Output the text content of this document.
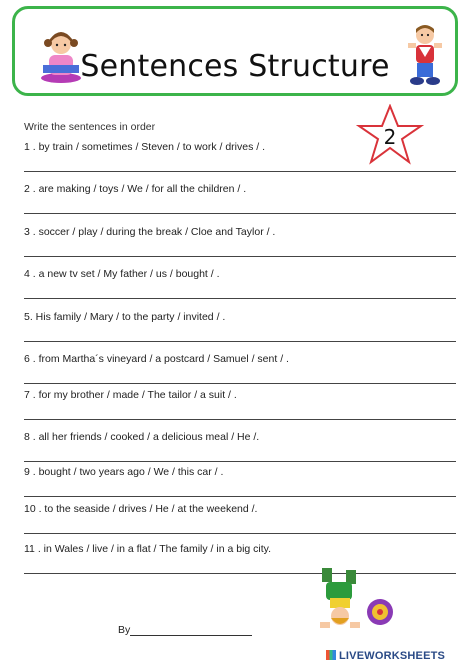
Sentences Structure
Write the sentences in order	2
1 . by train / sometimes / Steven / to work / drives / .
2 . are making / toys / We / for all the children / .
3 . soccer / play / during the break / Cloe and Taylor / .
4 . a new tv set / My father / us / bought / .
5. His family / Mary / to the party / invited / .
6 . from Martha´s vineyard / a postcard / Samuel / sent / .
7 . for my brother / made / The tailor / a suit / .
8 . all her friends / cooked / a delicious meal / He /.
9 . bought / two years ago / We / this car / .
10 . to the seaside / drives / He / at the weekend /.
11 . in Wales / live / in a flat / The family / in a big city.
By
LIVEWORKSHEETS
